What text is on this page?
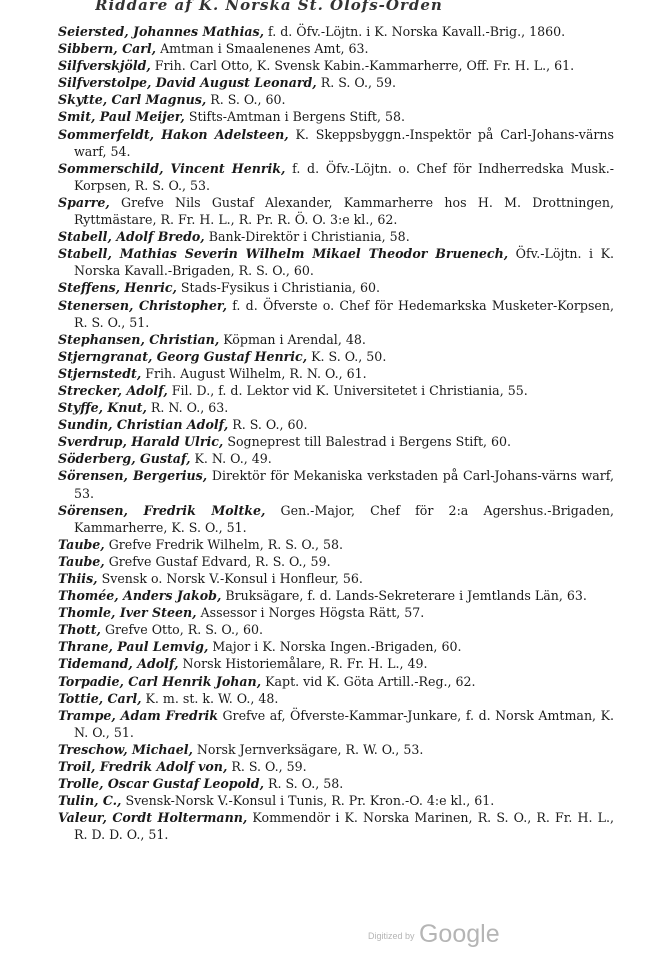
Riddare af K. Norska St. Olofs-Orden
Seiersted, Johannes Mathias, f. d. Öfv.-Löjtn. i K. Norska Kavall.-Brig., 1860.
Sibbern, Carl, Amtman i Smaalenenes Amt, 63.
Silfverskjöld, Frih. Carl Otto, K. Svensk Kabin.-Kammarherre, Off. Fr. H. L., 61.
Silfverstolpe, David August Leonard, R. S. O., 59.
Skytte, Carl Magnus, R. S. O., 60.
Smit, Paul Meijer, Stifts-Amtman i Bergens Stift, 58.
Sommerfeldt, Hakon Adelsteen, K. Skeppsbyggn.-Inspektör på Carl-Johans-värns warf, 54.
Sommerschild, Vincent Henrik, f. d. Öfv.-Löjtn. o. Chef för Indherredska Musk.-Korpsen, R. S. O., 53.
Sparre, Grefve Nils Gustaf Alexander, Kammarherre hos H. M. Drottningen, Ryttmästare, R. Fr. H. L., R. Pr. R. Ö. O. 3:e kl., 62.
Stabell, Adolf Bredo, Bank-Direktör i Christiania, 58.
Stabell, Mathias Severin Wilhelm Mikael Theodor Bruenech, Öfv.-Löjtn. i K. Norska Kavall.-Brigaden, R. S. O., 60.
Steffens, Henric, Stads-Fysikus i Christiania, 60.
Stenersen, Christopher, f. d. Öfverste o. Chef för Hedemarkska Musketer-Korpsen, R. S. O., 51.
Stephansen, Christian, Köpman i Arendal, 48.
Stjerngranat, Georg Gustaf Henric, K. S. O., 50.
Stjernstedt, Frih. August Wilhelm, R. N. O., 61.
Strecker, Adolf, Fil. D., f. d. Lektor vid K. Universitetet i Christiania, 55.
Styffe, Knut, R. N. O., 63.
Sundin, Christian Adolf, R. S. O., 60.
Sverdrup, Harald Ulric, Sogneprest till Balestrad i Bergens Stift, 60.
Söderberg, Gustaf, K. N. O., 49.
Sörensen, Bergerius, Direktör för Mekaniska verkstaden på Carl-Johans-värns warf, 53.
Sörensen, Fredrik Moltke, Gen.-Major, Chef för 2:a Agershus.-Brigaden, Kammarherre, K. S. O., 51.
Taube, Grefve Fredrik Wilhelm, R. S. O., 58.
Taube, Grefve Gustaf Edvard, R. S. O., 59.
Thiis, Svensk o. Norsk V.-Konsul i Honfleur, 56.
Thomée, Anders Jakob, Bruksägare, f. d. Lands-Sekreterare i Jemtlands Län, 63.
Thomle, Iver Steen, Assessor i Norges Högsta Rätt, 57.
Thott, Grefve Otto, R. S. O., 60.
Thrane, Paul Lemvig, Major i K. Norska Ingen.-Brigaden, 60.
Tidemand, Adolf, Norsk Historiemålare, R. Fr. H. L., 49.
Torpadie, Carl Henrik Johan, Kapt. vid K. Göta Artill.-Reg., 62.
Tottie, Carl, K. m. st. k. W. O., 48.
Trampe, Adam Fredrik Grefve af, Öfverste-Kammar-Junkare, f. d. Norsk Amtman, K. N. O., 51.
Treschow, Michael, Norsk Jernverksägare, R. W. O., 53.
Troil, Fredrik Adolf von, R. S. O., 59.
Trolle, Oscar Gustaf Leopold, R. S. O., 58.
Tulin, C., Svensk-Norsk V.-Konsul i Tunis, R. Pr. Kron.-O. 4:e kl., 61.
Valeur, Cordt Holtermann, Kommendör i K. Norska Marinen, R. S. O., R. Fr. H. L., R. D. D. O., 51.
Digitized by Google
